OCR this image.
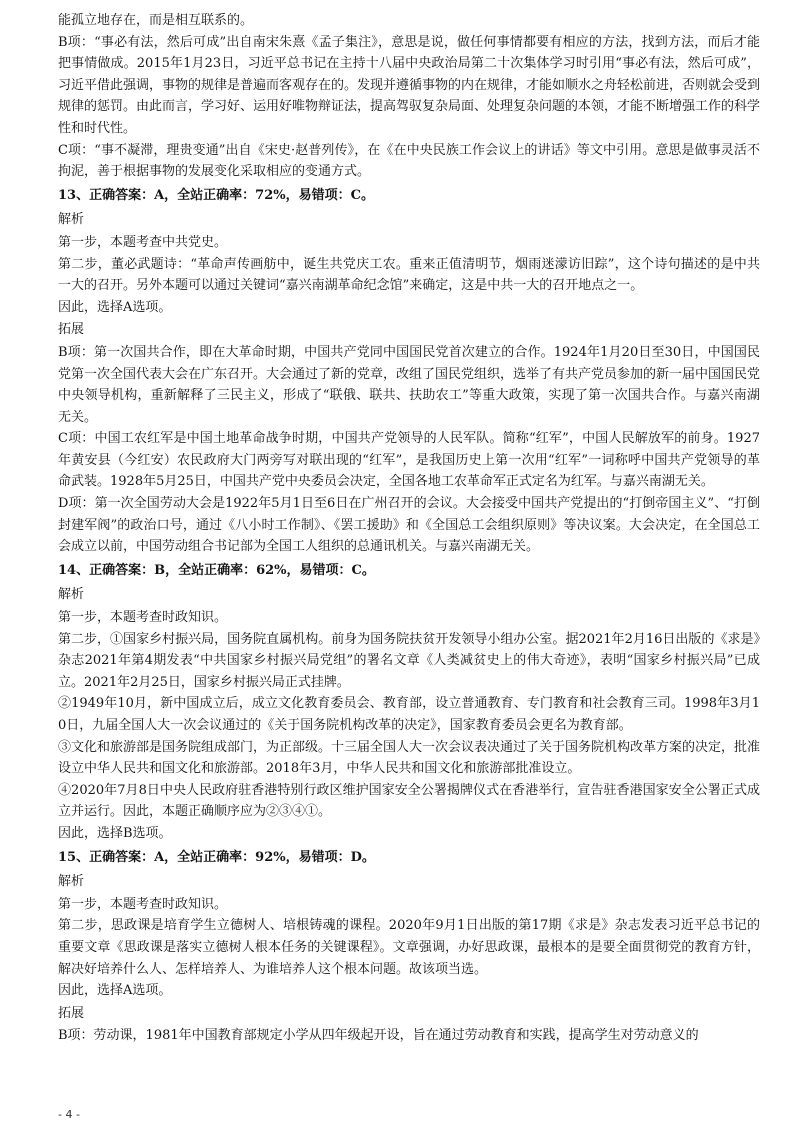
能孤立地存在，而是相互联系的。

B项：“事必有法，然后可成”出自南宋朱熹《孟子集注》，意思是说，做任何事情都要有相应的方法，找到方法，而后才能把事情做成。2015年1月23日，习近平总书记在主持十八届中央政治局第二十次集体学习时引用“事必有法，然后可成”，习近平借此强调，事物的规律是普遍而客观存在的。发现并遵循事物的内在规律，才能如顺水之舟轻松前进，否则就会受到规律的惩罚。由此而言，学习好、运用好唯物辩证法，提高驾驭复杂局面、处理复杂问题的本领，才能不断增强工作的科学性和时代性。

C项：“事不凝滞，理贵变通”出自《宋史·赵普列传》，在《在中央民族工作会议上的讲话》等文中引用。意思是做事灵活不拘泥，善于根据事物的发展变化采取相应的变通方式。

13、正确答案：A，全站正确率：72%，易错项：C。

解析

第一步，本题考查中共党史。

第二步，董必武题诗：“革命声传画舫中，诞生共党庆工农。重来正值清明节，烟雨迷濛访旧踪”，这个诗句描述的是中共一大的召开。另外本题可以通过关键词“嘉兴南湖革命纪念馆”来确定，这是中共一大的召开地点之一。

因此，选择A选项。

拓展

B项：第一次国共合作，即在大革命时期，中国共产党同中国国民党首次建立的合作。1924年1月20日至30日，中国国民党第一次全国代表大会在广东召开。大会通过了新的党章，改组了国民党组织，选举了有共产党员参加的新一届中国国民党中央领导机构，重新解释了三民主义，形成了“联俄、联共、扶助农工”等重大政策，实现了第一次国共合作。与嘉兴南湖无关。

C项：中国工农红军是中国土地革命战争时期，中国共产党领导的人民军队。简称“红军”，中国人民解放军的前身。1927年黄安县（今红安）农民政府大门两旁写对联出现的“红军”，是我国历史上第一次用“红军”一词称呼中国共产党领导的革命武装。1928年5月25日，中国共产党中央委员会决定，全国各地工农革命军正式定名为红军。与嘉兴南湖无关。

D项：第一次全国劳动大会是1922年5月1日至6日在广州召开的会议。大会接受中国共产党提出的“打倒帝国主义”、“打倒封建军阀”的政治口号，通过《八小时工作制》、《罢工援助》和《全国总工会组织原则》等决议案。大会决定，在全国总工会成立以前，中国劳动组合书记部为全国工人组织的总通讯机关。与嘉兴南湖无关。

14、正确答案：B，全站正确率：62%，易错项：C。

解析

第一步，本题考查时政知识。

第二步，①国家乡村振兴局，国务院直属机构。前身为国务院扶贫开发领导小组办公室。据2021年2月16日出版的《求是》杂志2021年第4期发表“中共国家乡村振兴局党组”的署名文章《人类减贫史上的伟大奇迹》，表明“国家乡村振兴局”已成立。2021年2月25日，国家乡村振兴局正式挂牌。

②1949年10月，新中国成立后，成立文化教育委员会、教育部，设立普通教育、专门教育和社会教育三司。1998年3月10日，九届全国人大一次会议通过的《关于国务院机构改革的决定》，国家教育委员会更名为教育部。

③文化和旅游部是国务院组成部门，为正部级。十三届全国人大一次会议表决通过了关于国务院机构改革方案的决定，批准设立中华人民共和国文化和旅游部。2018年3月，中华人民共和国文化和旅游部批准设立。

④2020年7月8日中央人民政府驻香港特别行政区维护国家安全公署揭牌仪式在香港举行，宣告驻香港国家安全公署正式成立并运行。因此，本题正确顺序应为②③④①。

因此，选择B选项。

15、正确答案：A，全站正确率：92%，易错项：D。

解析

第一步，本题考查时政知识。

第二步，思政课是培育学生立德树人、培根铸魂的课程。2020年9月1日出版的第17期《求是》杂志发表习近平总书记的重要文章《思政课是落实立德树人根本任务的关键课程》。文章强调，办好思政课，最根本的是要全面贯彻党的教育方针，解决好培养什么人、怎样培养人、为谁培养人这个根本问题。故该项当选。

因此，选择A选项。

拓展

B项：劳动课，1981年中国教育部规定小学从四年级起开设，旨在通过劳动教育和实践，提高学生对劳动意义的

- 4 -
